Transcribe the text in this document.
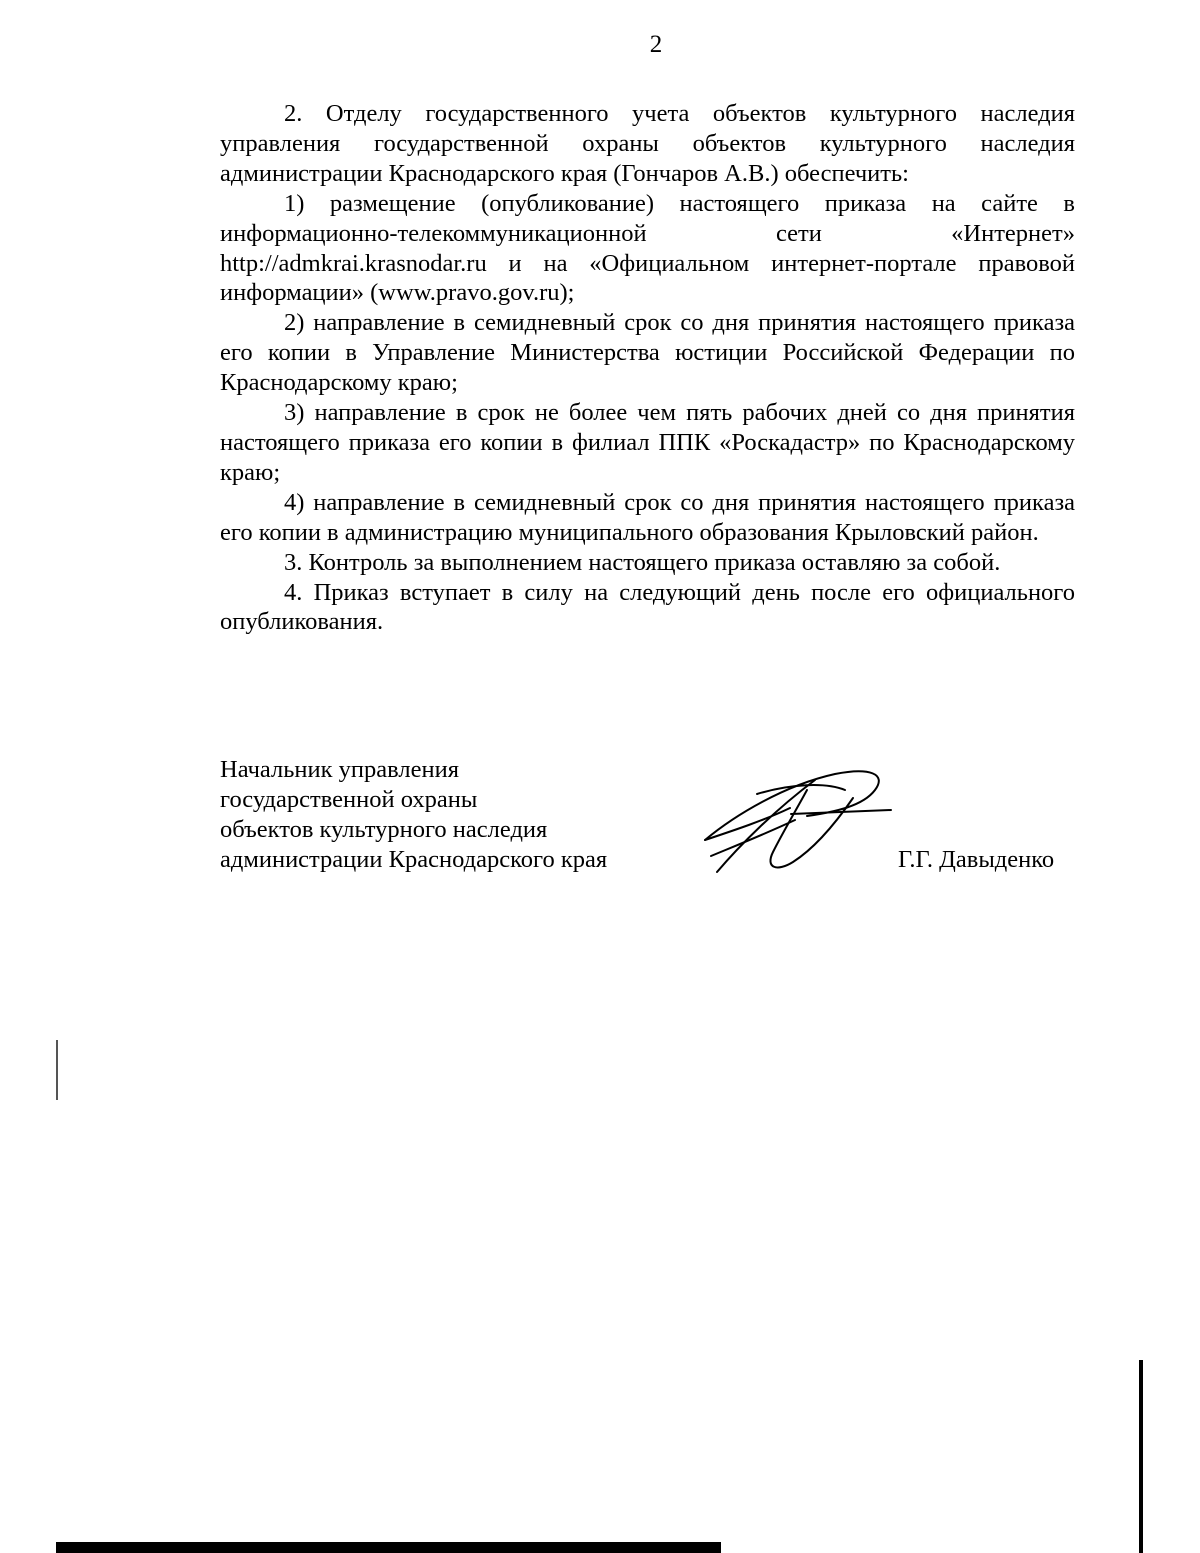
2

2. Отделу государственного учета объектов культурного наследия управления государственной охраны объектов культурного наследия администрации Краснодарского края (Гончаров А.В.) обеспечить:

1) размещение (опубликование) настоящего приказа на сайте в информационно-телекоммуникационной сети «Интернет» http://admkrai.krasnodar.ru и на «Официальном интернет-портале правовой информации» (www.pravo.gov.ru);

2) направление в семидневный срок со дня принятия настоящего приказа его копии в Управление Министерства юстиции Российской Федерации по Краснодарскому краю;

3) направление в срок не более чем пять рабочих дней со дня принятия настоящего приказа его копии в филиал ППК «Роскадастр» по Краснодарскому краю;

4) направление в семидневный срок со дня принятия настоящего приказа его копии в администрацию муниципального образования Крыловский район.

3. Контроль за выполнением настоящего приказа оставляю за собой.

4. Приказ вступает в силу на следующий день после его официального опубликования.

Начальник управления
государственной охраны
объектов культурного наследия
администрации Краснодарского края	Г.Г. Давыденко
